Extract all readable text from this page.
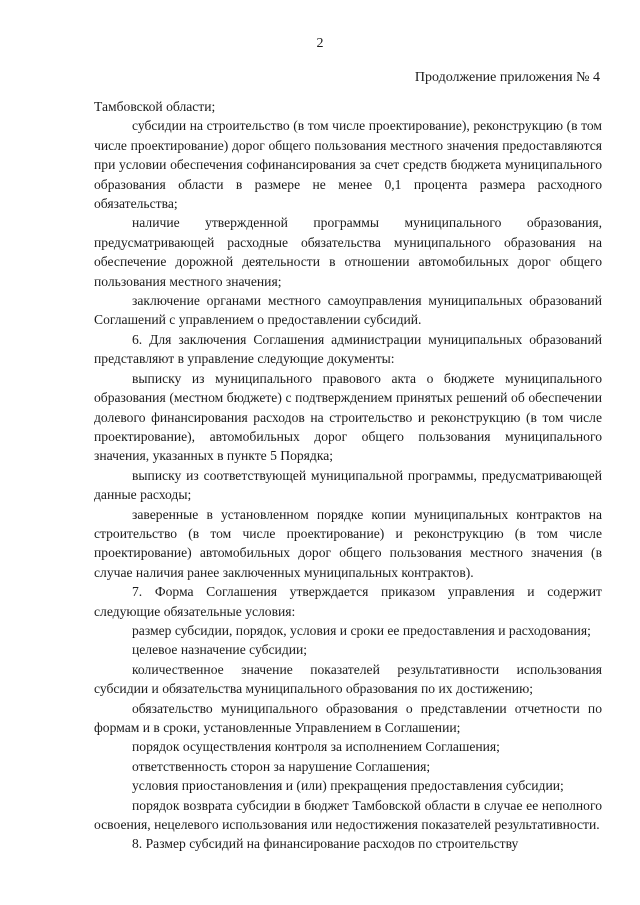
2
Продолжение приложения № 4

Тамбовской области;

субсидии на строительство (в том числе проектирование), реконструкцию (в том числе проектирование) дорог общего пользования местного значения предоставляются при условии обеспечения софинансирования за счет средств бюджета муниципального образования области в размере не менее 0,1 процента размера расходного обязательства;

наличие утвержденной программы муниципального образования, предусматривающей расходные обязательства муниципального образования на обеспечение дорожной деятельности в отношении автомобильных дорог общего пользования местного значения;

заключение органами местного самоуправления муниципальных образований Соглашений с управлением о предоставлении субсидий.

6. Для заключения Соглашения администрации муниципальных образований представляют в управление следующие документы:

выписку из муниципального правового акта о бюджете муниципального образования (местном бюджете) с подтверждением принятых решений об обеспечении долевого финансирования расходов на строительство и реконструкцию (в том числе проектирование), автомобильных дорог общего пользования муниципального значения, указанных в пункте 5 Порядка;

выписку из соответствующей муниципальной программы, предусматривающей данные расходы;

заверенные в установленном порядке копии муниципальных контрактов на строительство (в том числе проектирование) и реконструкцию (в том числе проектирование) автомобильных дорог общего пользования местного значения (в случае наличия ранее заключенных муниципальных контрактов).

7. Форма Соглашения утверждается приказом управления и содержит следующие обязательные условия:

размер субсидии, порядок, условия и сроки ее предоставления и расходования;

целевое назначение субсидии;

количественное значение показателей результативности использования субсидии и обязательства муниципального образования по их достижению;

обязательство муниципального образования о представлении отчетности по формам и в сроки, установленные Управлением в Соглашении;

порядок осуществления контроля за исполнением Соглашения;

ответственность сторон за нарушение Соглашения;

условия приостановления и (или) прекращения предоставления субсидии;

порядок возврата субсидии в бюджет Тамбовской области в случае ее неполного освоения, нецелевого использования или недостижения показателей результативности.

8. Размер субсидий на финансирование расходов по строительству
